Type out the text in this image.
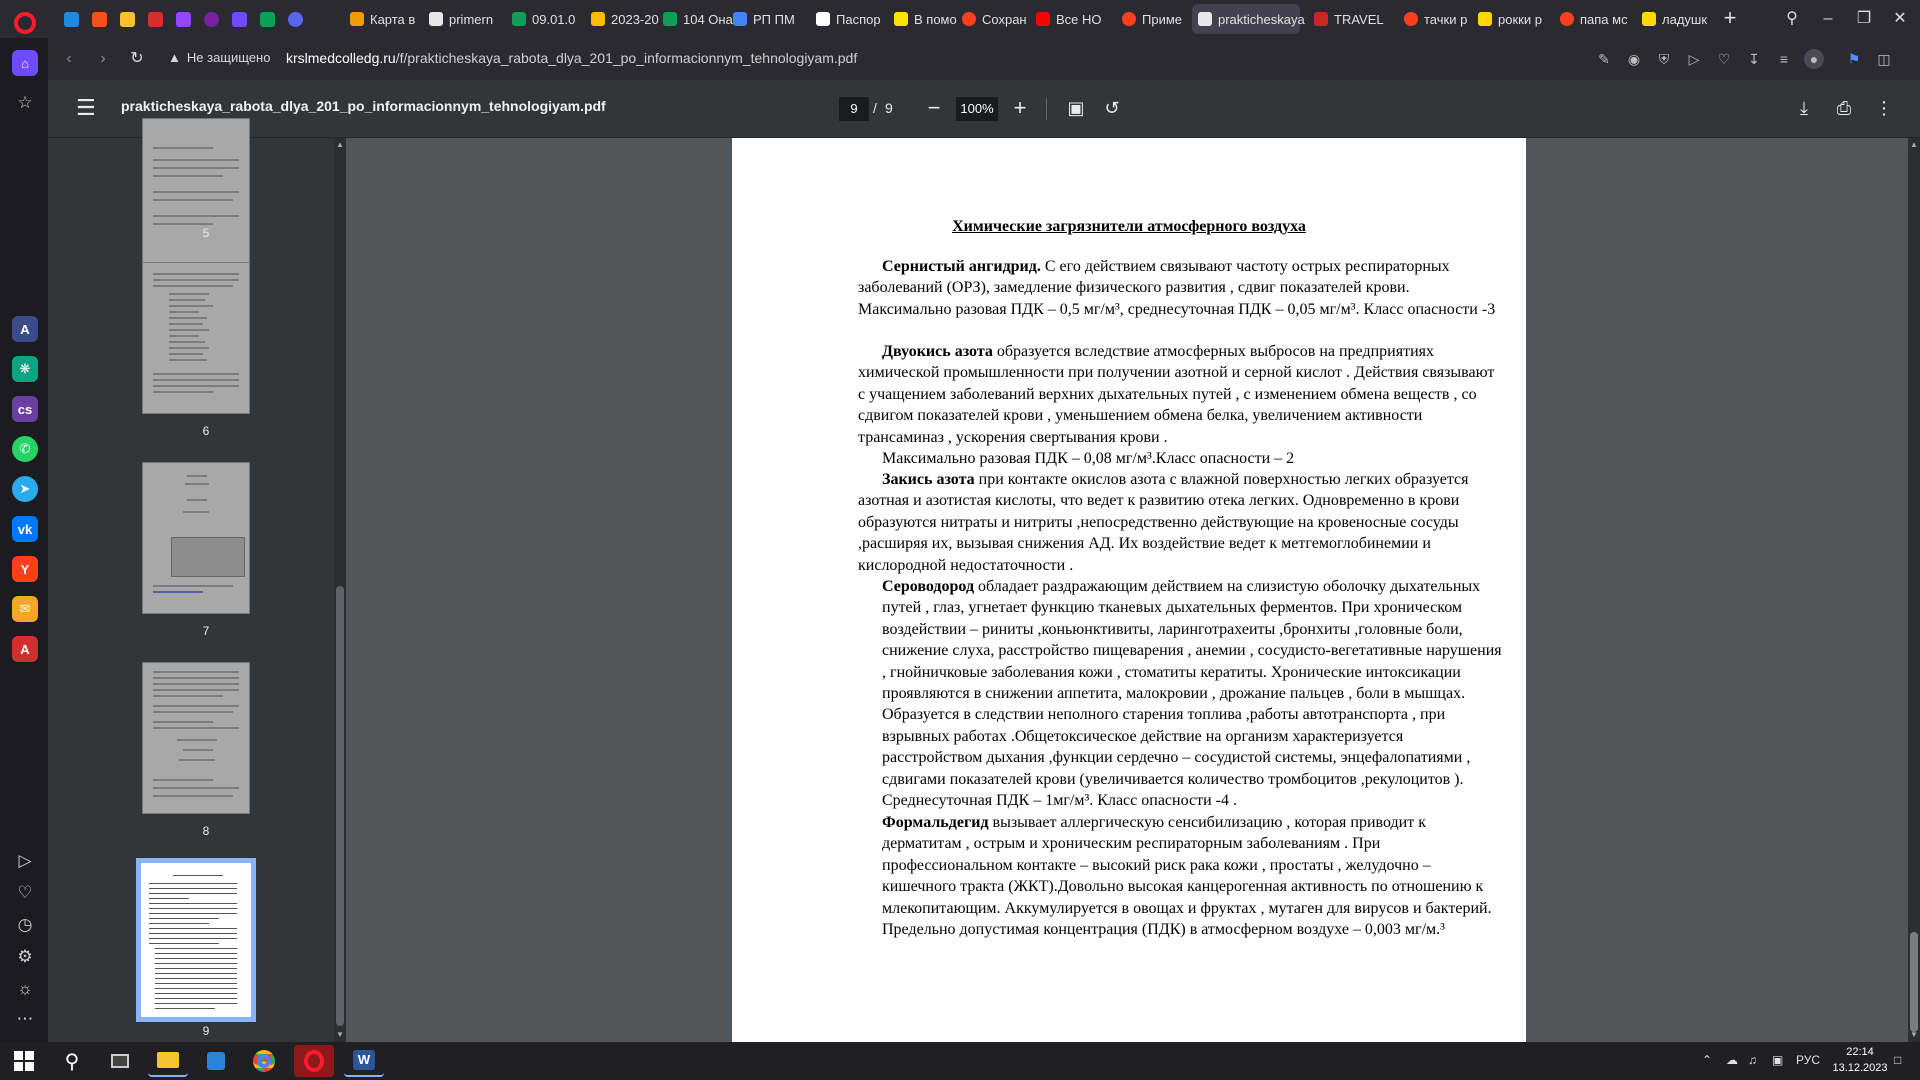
Карта в	primern	09.01.0	2023-20 104 Она РП ПМ	Паспор	В помо Сохран Все НО	Приме	prakticheskaya TRAVEL	тачки р рокки р	папа мс	ладушк +	⚲	–	❐	✕
⌂
☆
A
❋
cs
✆
➤
vk
Y
✉
A
▷
♡
◷
⚙
☼
⋯
‹	›	↻	▲ Не защищено krslmedcolledg.ru/f/prakticheskaya_rabota_dlya_201_po_informacionnym_tehnologiyam.pdf	✎ ◉	⛨	▷	♡ ↧	≡	●	⚑ ◫
☰ prakticheskaya_rabota_dlya_201_po_informacionnym_tehnologiyam.pdf	9	/ 9 −	100% +	▣ ↺	⤓	⎙ ⋮
5
6
7
8
9
▲
▼
Химические загрязнители атмосферного воздуха
Сернистый ангидрид. С его действием связывают частоту острых респираторных заболеваний (ОРЗ), замедление физического развития , сдвиг показателей крови. Максимально разовая ПДК – 0,5 мг/м³, среднесуточная ПДК – 0,05 мг/м³. Класс опасности -3
Двуокись азота образуется вследствие атмосферных выбросов на предприятиях химической промышленности при получении азотной и серной кислот . Действия связывают с учащением заболеваний верхних дыхательных путей , с изменением обмена веществ , со сдвигом показателей крови , уменьшением обмена белка, увеличением активности трансаминаз , ускорения свертывания крови .
Максимально разовая ПДК – 0,08 мг/м³.Класс опасности – 2
Закись азота при контакте окислов азота с влажной поверхностью легких образуется азотная и азотистая кислоты, что ведет к развитию отека легких. Одновременно в крови образуются нитраты и нитриты ,непосредственно действующие на кровеносные сосуды ,расширяя их, вызывая снижения АД. Их воздействие ведет к метгемоглобинемии и кислородной недостаточности .
Сероводород обладает раздражающим действием на слизистую оболочку дыхательных путей , глаз, угнетает функцию тканевых дыхательных ферментов. При хроническом воздействии – риниты ,коньюнктивиты, ларинготрахеиты ,бронхиты ,головные боли, снижение слуха, расстройство пищеварения , анемии , сосудисто-вегетативные нарушения , гнойничковые заболевания кожи , стоматиты кератиты. Хронические интоксикации проявляются в снижении аппетита, малокровии , дрожание пальцев , боли в мышцах. Образуется в следствии неполного старения топлива ,работы автотранспорта , при взрывных работах .Общетоксическое действие на организм характеризуется расстройством дыхания ,функции сердечно – сосудистой системы, энцефалопатиями , сдвигами показателей крови (увеличивается количество тромбоцитов ,рекулоцитов ). Среднесуточная ПДК – 1мг/м³. Класс опасности -4 .
Формальдегид вызывает аллергическую сенсибилизацию , которая приводит к дерматитам , острым и хроническим респираторным заболеваниям . При профессиональном контакте – высокий риск рака кожи , простаты , желудочно – кишечного тракта (ЖКТ).Довольно высокая канцерогенная активность по отношению к млекопитающим. Аккумулируется в овощах и фруктах , мутаген для вирусов и бактерий. Предельно допустимая концентрация (ПДК) в атмосферном воздухе – 0,003 мг/м.³
▲
▼
⚲	W	⌃ ☁ ♫ ▣ РУС
22:14
13.12.2023
□
